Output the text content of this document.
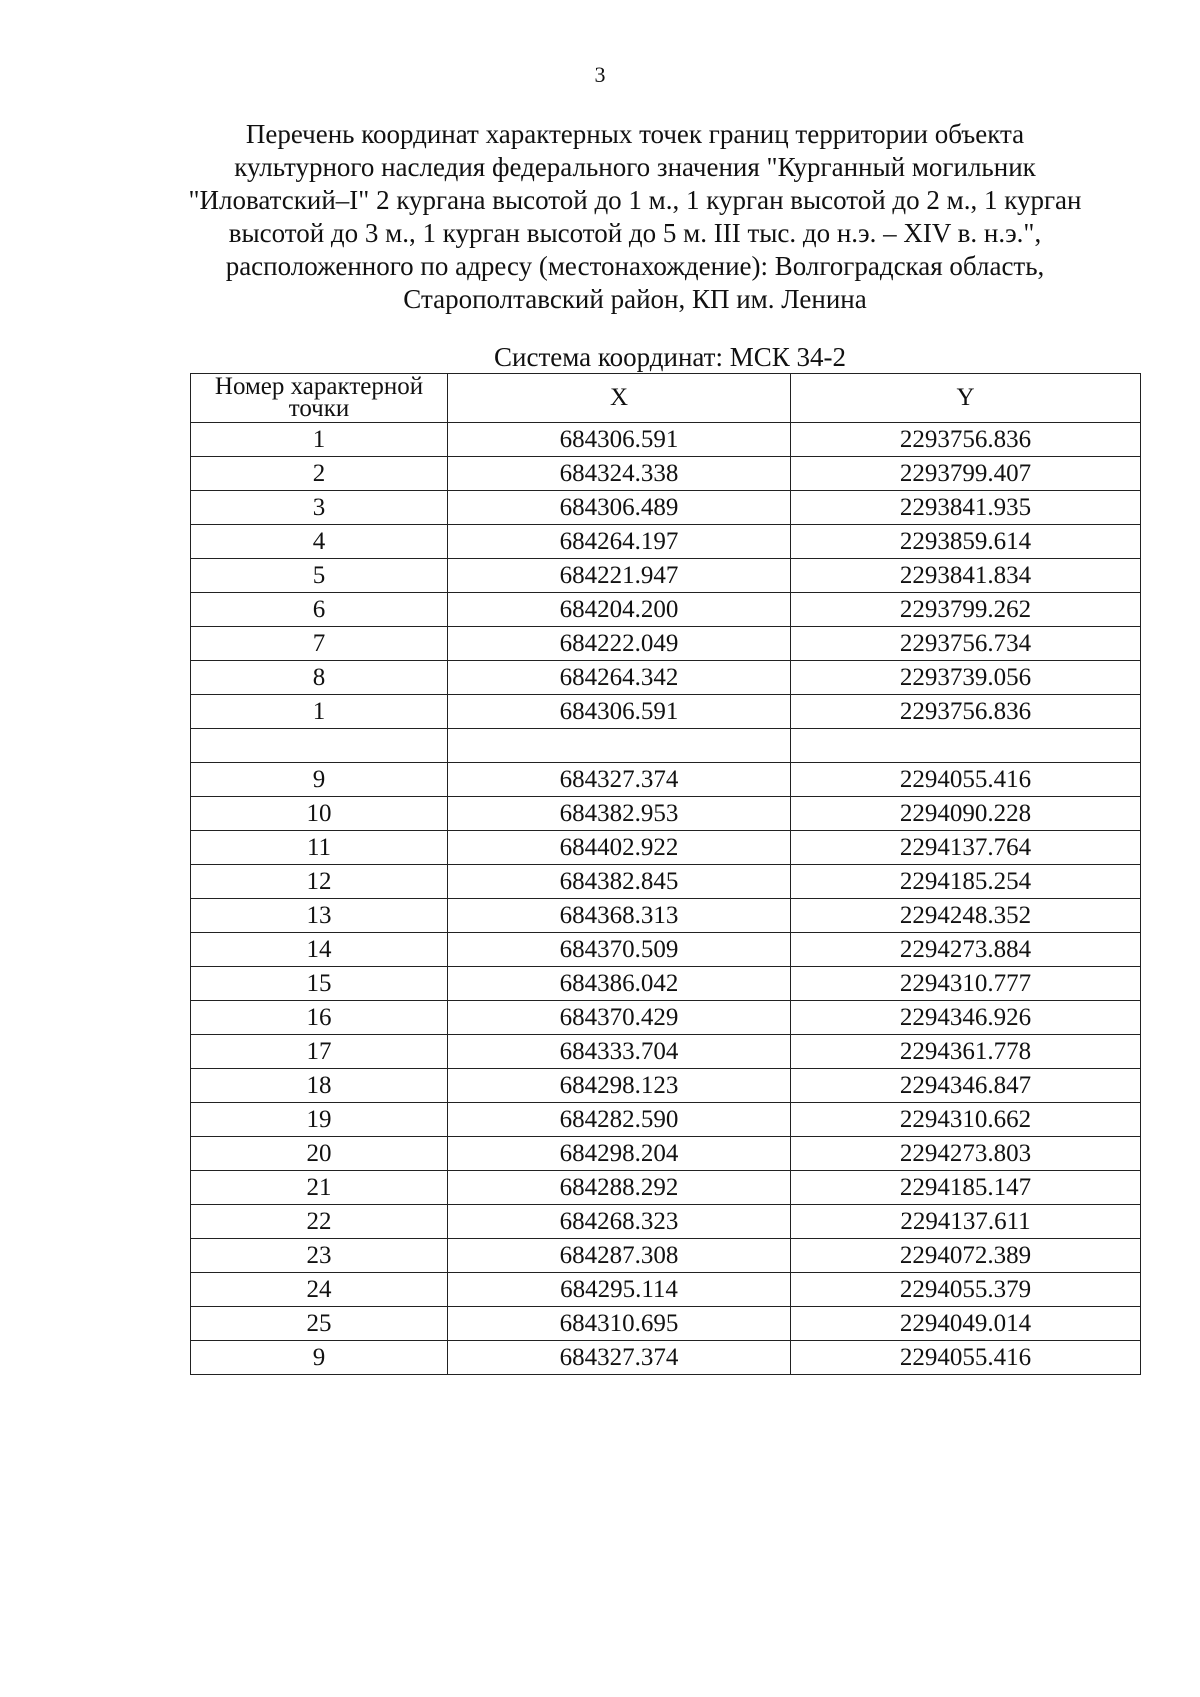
3
Перечень координат характерных точек границ территории объекта
культурного наследия федерального значения "Курганный могильник
"Иловатский–I" 2 кургана высотой до 1 м., 1 курган высотой до 2 м., 1 курган
высотой до 3 м., 1 курган высотой до 5 м. III тыс. до н.э. – XIV в. н.э.",
расположенного по адресу (местонахождение): Волгоградская область,
Старополтавский район, КП им. Ленина
Система координат: МСК 34-2
Номер характерной точки	X	Y
1	684306.591	2293756.836
2	684324.338	2293799.407
3	684306.489	2293841.935
4	684264.197	2293859.614
5	684221.947	2293841.834
6	684204.200	2293799.262
7	684222.049	2293756.734
8	684264.342	2293739.056
1	684306.591	2293756.836

9	684327.374	2294055.416
10	684382.953	2294090.228
11	684402.922	2294137.764
12	684382.845	2294185.254
13	684368.313	2294248.352
14	684370.509	2294273.884
15	684386.042	2294310.777
16	684370.429	2294346.926
17	684333.704	2294361.778
18	684298.123	2294346.847
19	684282.590	2294310.662
20	684298.204	2294273.803
21	684288.292	2294185.147
22	684268.323	2294137.611
23	684287.308	2294072.389
24	684295.114	2294055.379
25	684310.695	2294049.014
9	684327.374	2294055.416
